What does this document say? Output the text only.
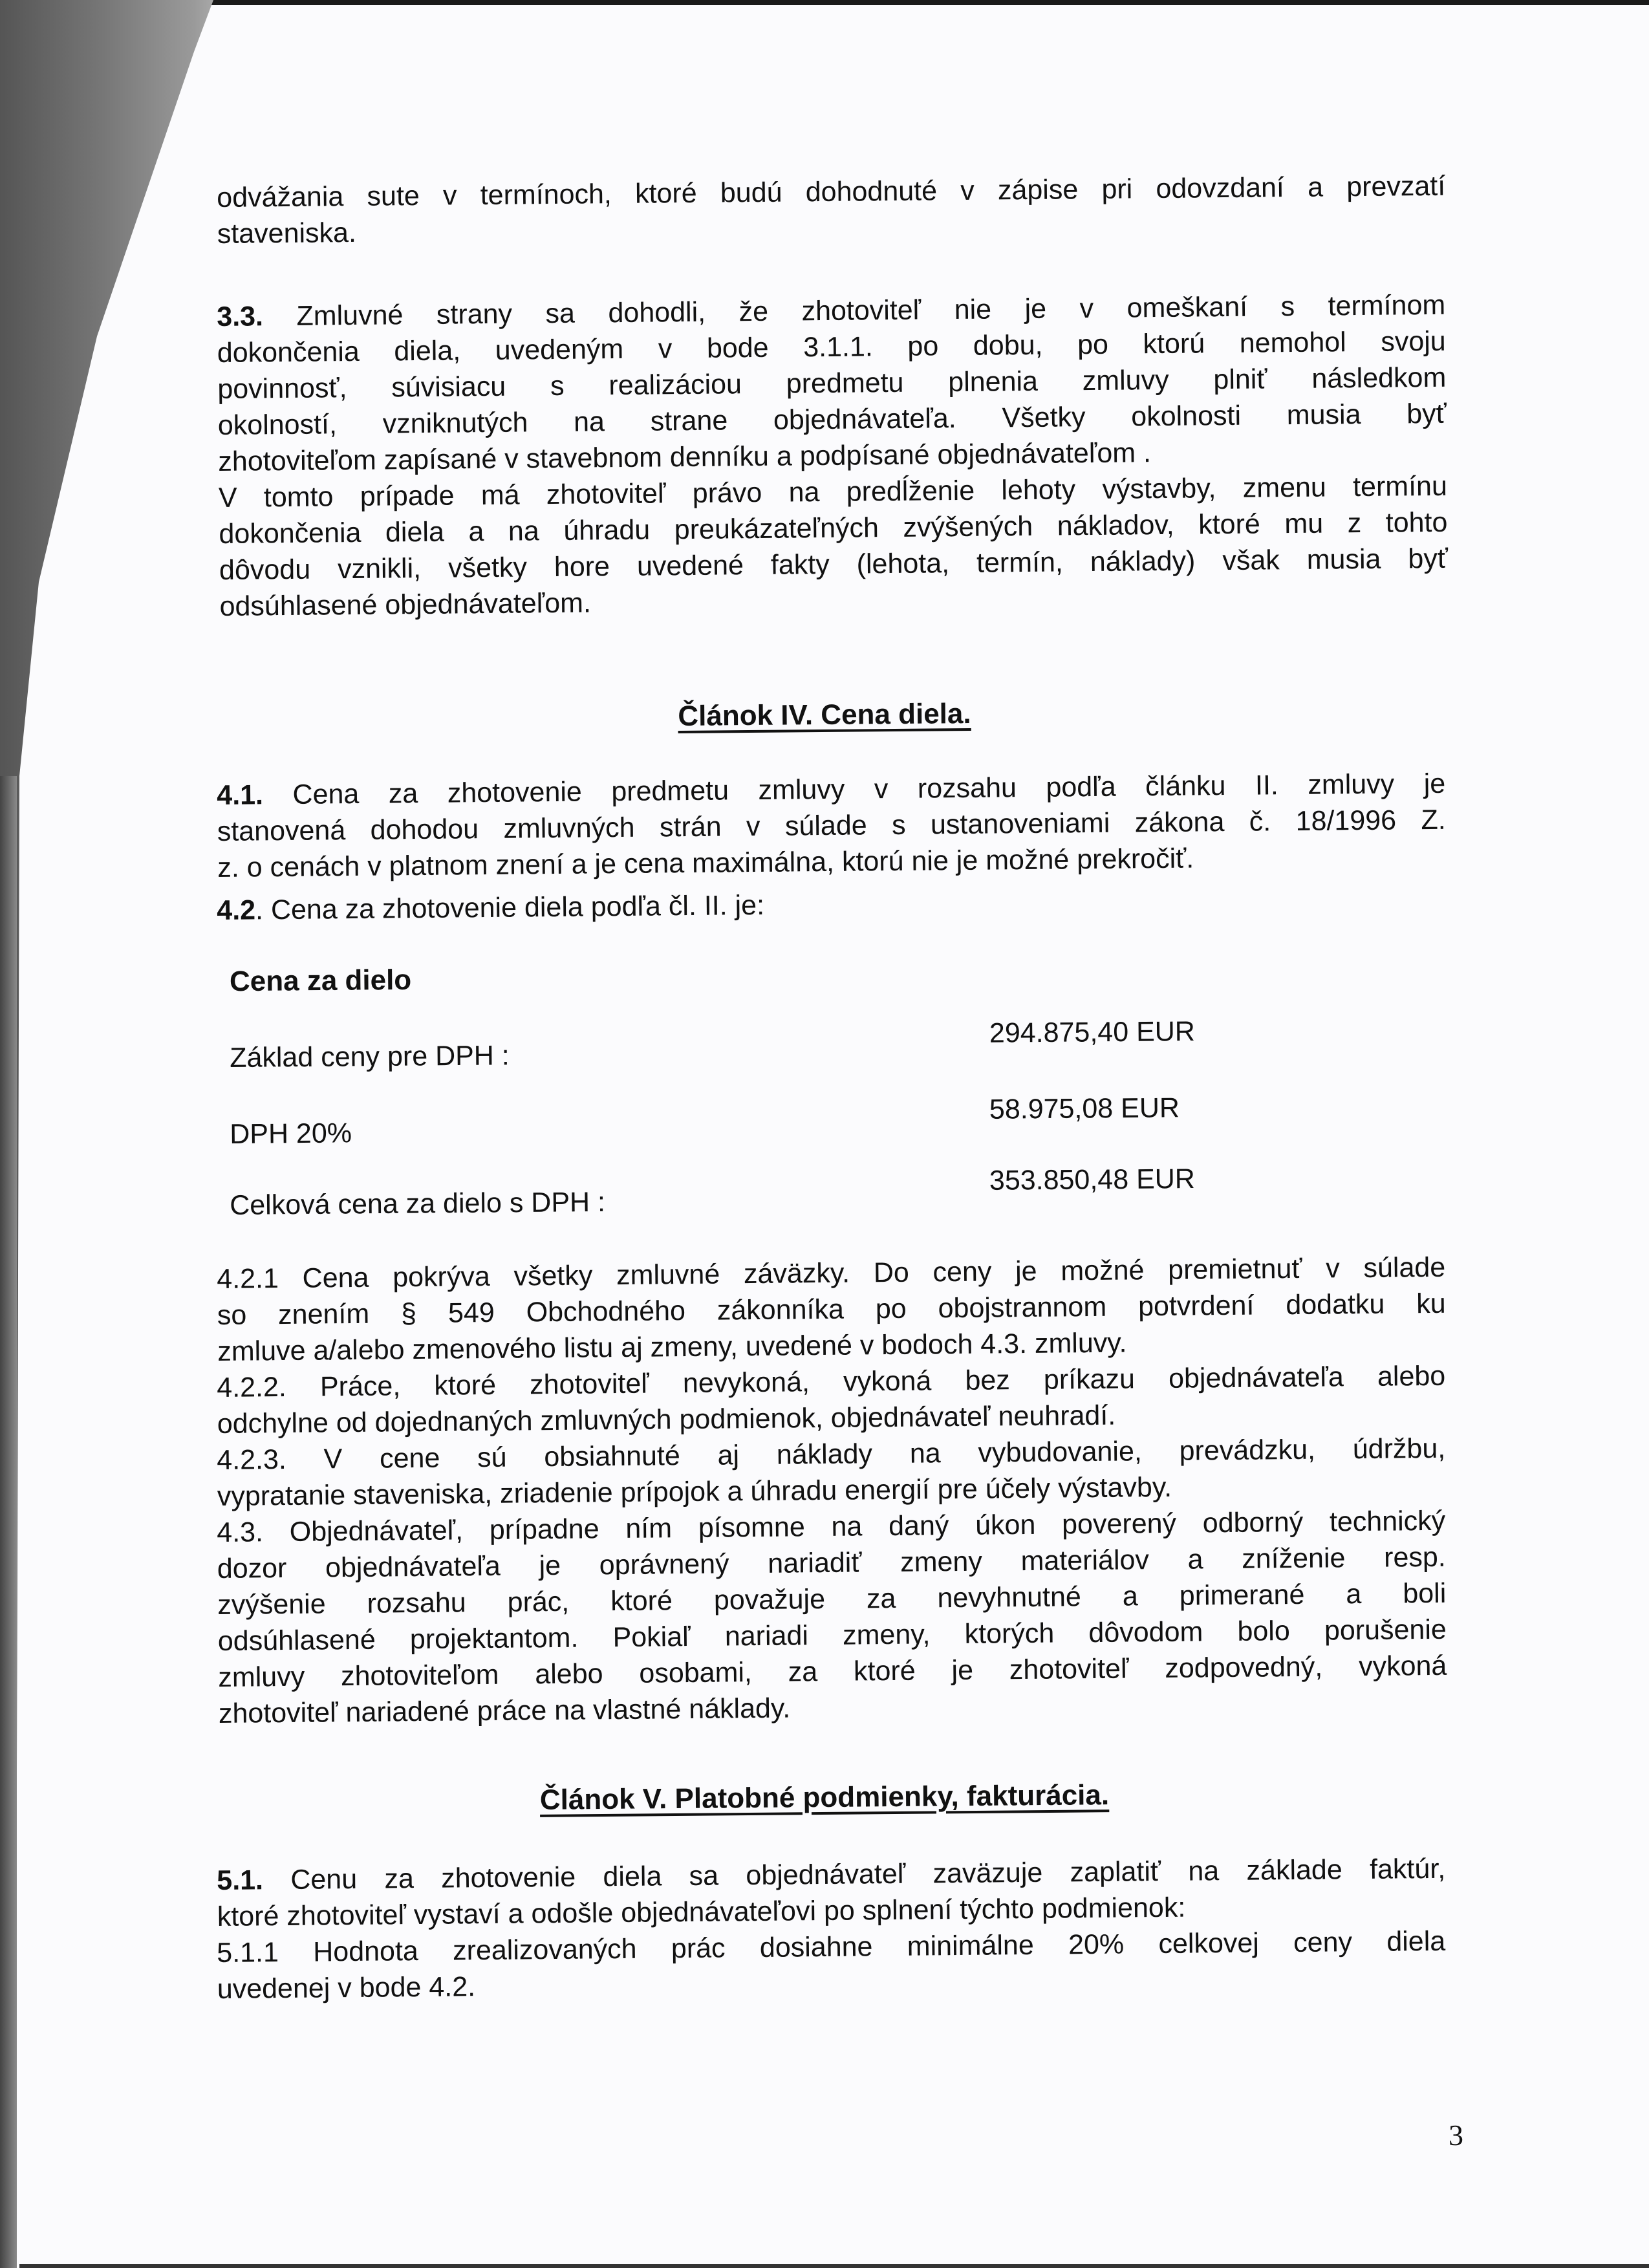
odvážania sute v termínoch, ktoré budú dohodnuté v zápise pri odovzdaní a prevzatí
staveniska.
3.3. Zmluvné strany sa dohodli, že zhotoviteľ nie je v omeškaní s termínom
dokončenia diela, uvedeným v bode 3.1.1. po dobu, po ktorú nemohol svoju
povinnosť, súvisiacu s realizáciou predmetu plnenia zmluvy plniť následkom
okolností, vzniknutých na strane objednávateľa. Všetky okolnosti musia byť
zhotoviteľom zapísané v stavebnom denníku a podpísané objednávateľom .
V tomto prípade má zhotoviteľ právo na predĺženie lehoty výstavby, zmenu termínu
dokončenia diela a na úhradu preukázateľných zvýšených nákladov, ktoré mu z tohto
dôvodu vznikli, všetky hore uvedené fakty (lehota, termín, náklady) však musia byť
odsúhlasené objednávateľom.
Článok IV. Cena diela.
4.1. Cena za zhotovenie predmetu zmluvy v rozsahu podľa článku II. zmluvy je
stanovená dohodou zmluvných strán v súlade s ustanoveniami zákona č. 18/1996 Z.
z. o cenách v platnom znení a je cena maximálna, ktorú nie je možné prekročiť.
4.2. Cena za zhotovenie diela podľa čl. II. je:
Cena za dielo
Základ ceny pre DPH :
294.875,40 EUR
DPH 20%
58.975,08 EUR
Celková cena za dielo s DPH :
353.850,48 EUR
4.2.1 Cena pokrýva všetky zmluvné záväzky. Do ceny je možné premietnuť v súlade
so znením § 549 Obchodného zákonníka po obojstrannom potvrdení dodatku ku
zmluve a/alebo zmenového listu aj zmeny, uvedené v bodoch 4.3. zmluvy.
4.2.2. Práce, ktoré zhotoviteľ nevykoná, vykoná bez príkazu objednávateľa alebo
odchylne od dojednaných zmluvných podmienok, objednávateľ neuhradí.
4.2.3. V cene sú obsiahnuté aj náklady na vybudovanie, prevádzku, údržbu,
vypratanie staveniska, zriadenie prípojok a úhradu energií pre účely výstavby.
4.3. Objednávateľ, prípadne ním písomne na daný úkon poverený odborný technický
dozor objednávateľa je oprávnený nariadiť zmeny materiálov a zníženie resp.
zvýšenie rozsahu prác, ktoré považuje za nevyhnutné a primerané a boli
odsúhlasené projektantom. Pokiaľ nariadi zmeny, ktorých dôvodom bolo porušenie
zmluvy zhotoviteľom alebo osobami, za ktoré je zhotoviteľ zodpovedný, vykoná
zhotoviteľ nariadené práce na vlastné náklady.
Článok V. Platobné podmienky, fakturácia.
5.1. Cenu za zhotovenie diela sa objednávateľ zaväzuje zaplatiť na základe faktúr,
ktoré zhotoviteľ vystaví a odošle objednávateľovi po splnení týchto podmienok:
5.1.1 Hodnota zrealizovaných prác dosiahne minimálne 20% celkovej ceny diela
uvedenej v bode 4.2.
3
